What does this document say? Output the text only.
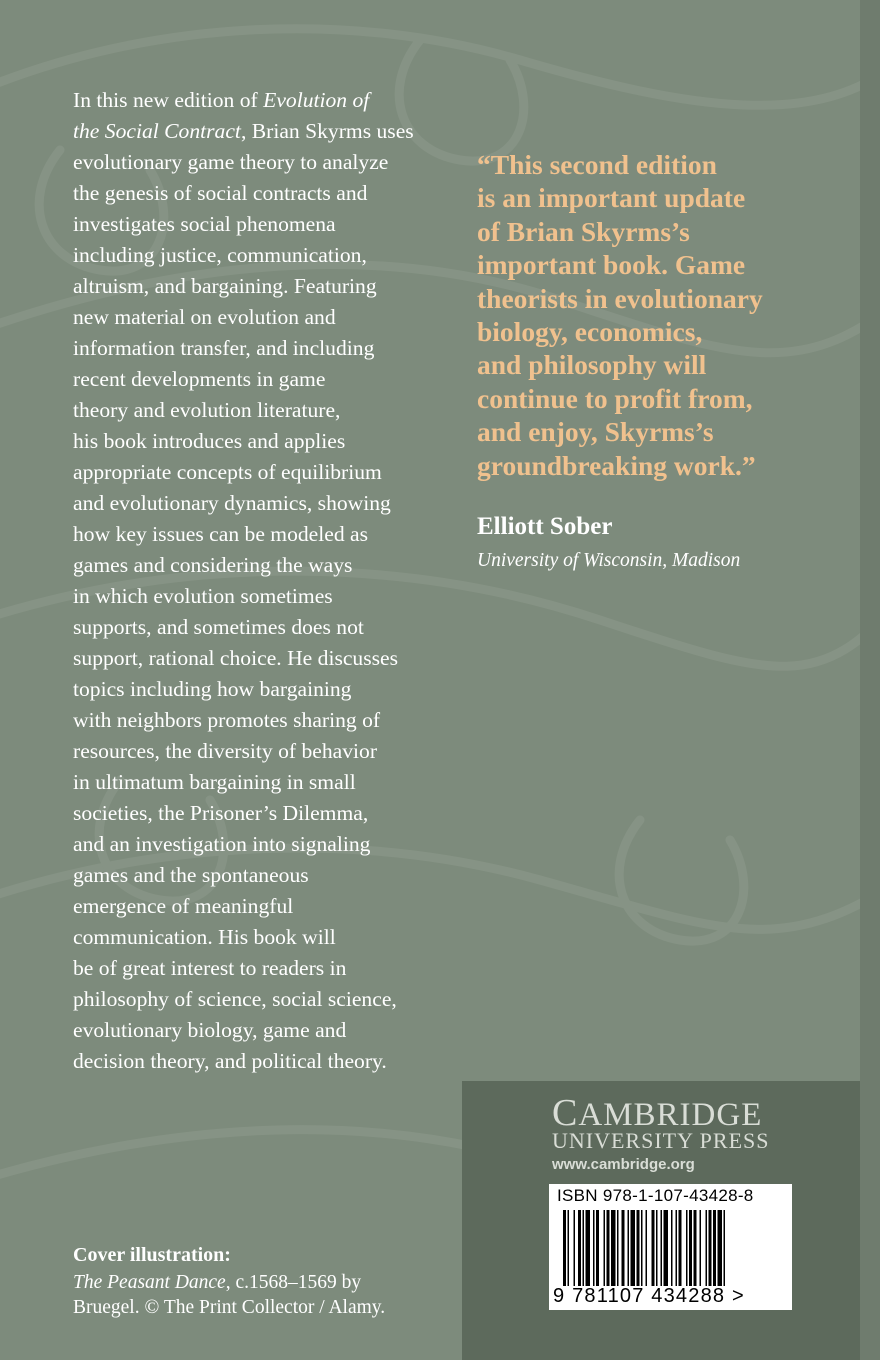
In this new edition of Evolution of
the Social Contract, Brian Skyrms uses
evolutionary game theory to analyze
the genesis of social contracts and
investigates social phenomena
including justice, communication,
altruism, and bargaining. Featuring
new material on evolution and
information transfer, and including
recent developments in game
theory and evolution literature,
his book introduces and applies
appropriate concepts of equilibrium
and evolutionary dynamics, showing
how key issues can be modeled as
games and considering the ways
in which evolution sometimes
supports, and sometimes does not
support, rational choice. He discusses
topics including how bargaining
with neighbors promotes sharing of
resources, the diversity of behavior
in ultimatum bargaining in small
societies, the Prisoner’s Dilemma,
and an investigation into signaling
games and the spontaneous
emergence of meaningful
communication. His book will
be of great interest to readers in
philosophy of science, social science,
evolutionary biology, game and
decision theory, and political theory.

“This second edition
is an important update
of Brian Skyrms’s
important book. Game
theorists in evolutionary
biology, economics,
and philosophy will
continue to profit from,
and enjoy, Skyrms’s
groundbreaking work.”
Elliott Sober
University of Wisconsin, Madison
CAMBRIDGE
UNIVERSITY PRESS
www.cambridge.org
ISBN 978-1-107-43428-8
9 781107 434288 >
Cover illustration:
The Peasant Dance, c.1568–1569 by
Bruegel. © The Print Collector / Alamy.
